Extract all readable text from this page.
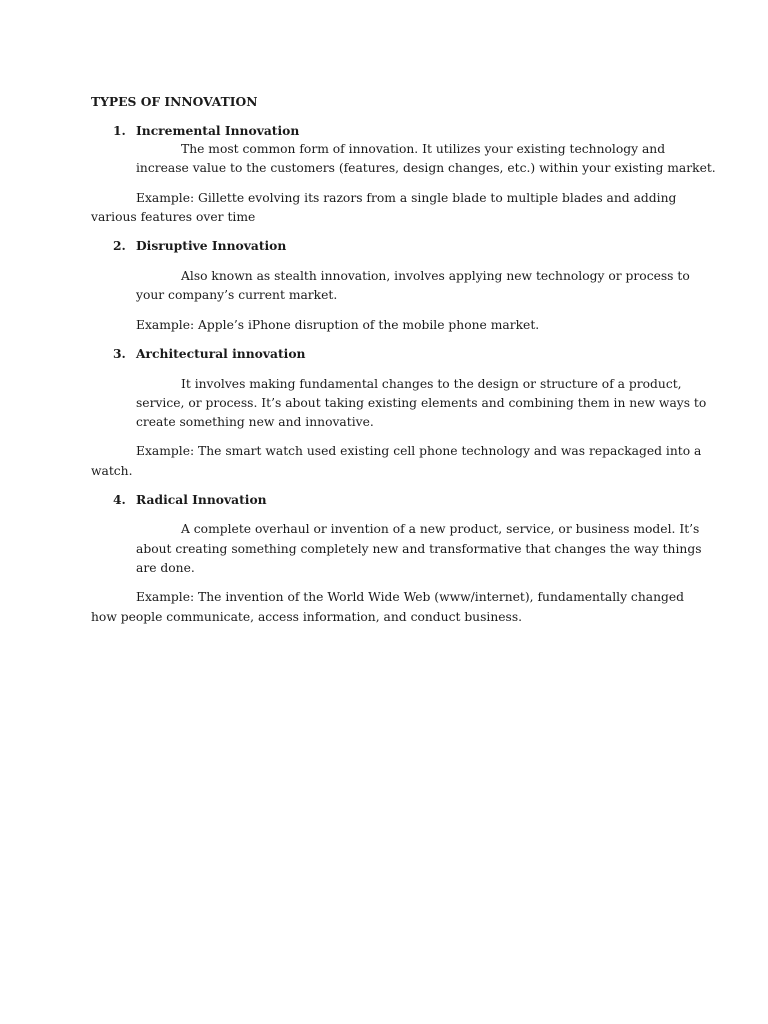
TYPES OF INNOVATION
1. Incremental Innovation
The most common form of innovation. It utilizes your existing technology and
increase value to the customers (features, design changes, etc.) within your existing market.
Example: Gillette evolving its razors from a single blade to multiple blades and adding
various features over time
2. Disruptive Innovation
Also known as stealth innovation, involves applying new technology or process to
your company’s current market.
Example: Apple’s iPhone disruption of the mobile phone market.
3. Architectural innovation
It involves making fundamental changes to the design or structure of a product,
service, or process. It’s about taking existing elements and combining them in new ways to
create something new and innovative.
Example: The smart watch used existing cell phone technology and was repackaged into a
watch.
4. Radical Innovation
A complete overhaul or invention of a new product, service, or business model. It’s
about creating something completely new and transformative that changes the way things
are done.
Example: The invention of the World Wide Web (www/internet), fundamentally changed
how people communicate, access information, and conduct business.
